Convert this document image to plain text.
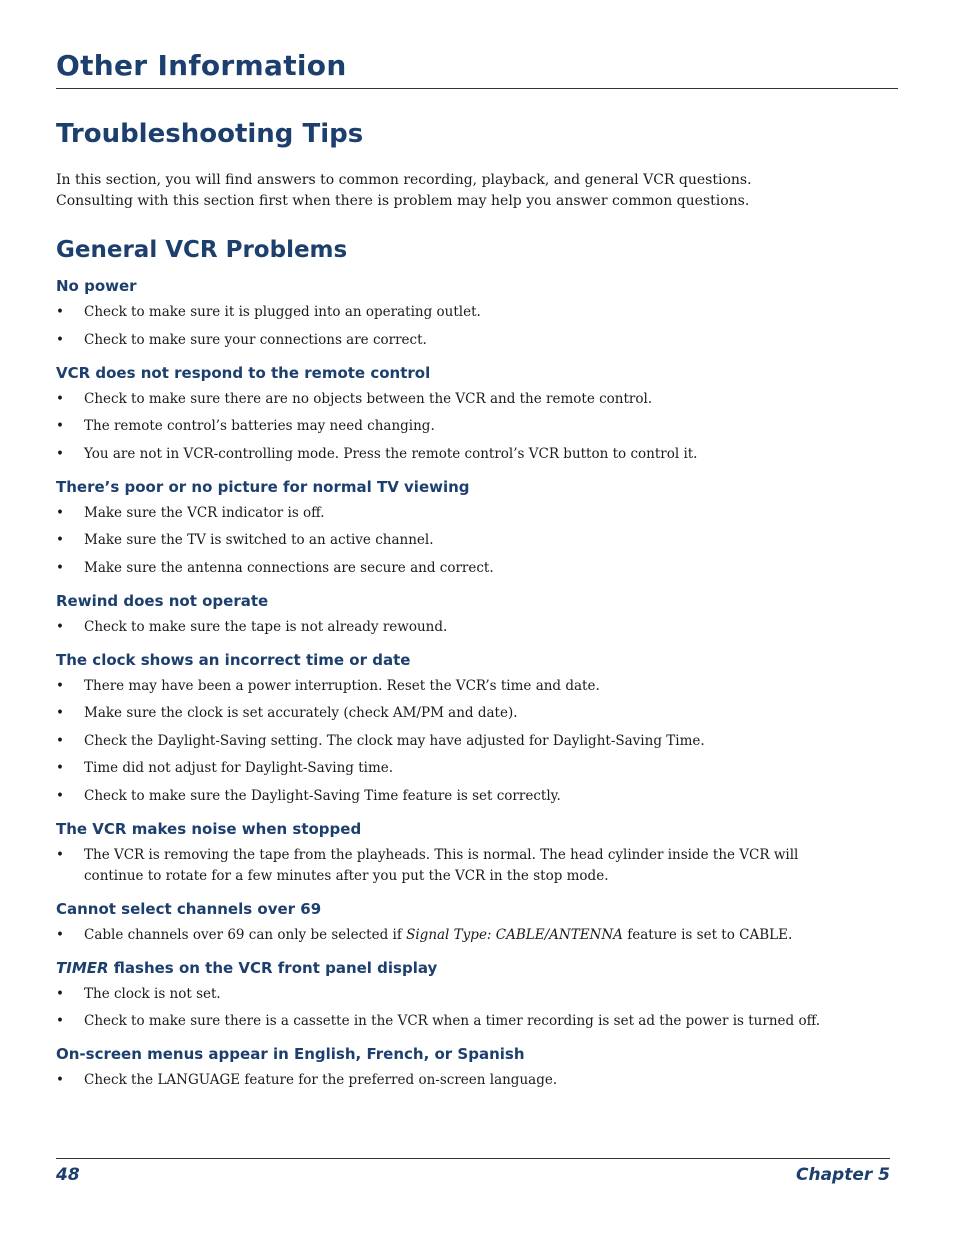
Other Information
Troubleshooting Tips

In this section, you will find answers to common recording, playback, and general VCR questions. Consulting with this section first when there is problem may help you answer common questions.

General VCR Problems
No power
• Check to make sure it is plugged into an operating outlet.
• Check to make sure your connections are correct.
VCR does not respond to the remote control
• Check to make sure there are no objects between the VCR and the remote control.
• The remote control’s batteries may need changing.
• You are not in VCR-controlling mode. Press the remote control’s VCR button to control it.
There’s poor or no picture for normal TV viewing
• Make sure the VCR indicator is off.
• Make sure the TV is switched to an active channel.
• Make sure the antenna connections are secure and correct.
Rewind does not operate
• Check to make sure the tape is not already rewound.
The clock shows an incorrect time or date
• There may have been a power interruption. Reset the VCR’s time and date.
• Make sure the clock is set accurately (check AM/PM and date).
• Check the Daylight-Saving setting. The clock may have adjusted for Daylight-Saving Time.
• Time did not adjust for Daylight-Saving time.
• Check to make sure the Daylight-Saving Time feature is set correctly.
The VCR makes noise when stopped
• The VCR is removing the tape from the playheads. This is normal. The head cylinder inside the VCR will continue to rotate for a few minutes after you put the VCR in the stop mode.
Cannot select channels over 69
• Cable channels over 69 can only be selected if Signal Type: CABLE/ANTENNA feature is set to CABLE.
TIMER flashes on the VCR front panel display
• The clock is not set.
• Check to make sure there is a cassette in the VCR when a timer recording is set ad the power is turned off.
On-screen menus appear in English, French, or Spanish
• Check the LANGUAGE feature for the preferred on-screen language.
48	Chapter 5
